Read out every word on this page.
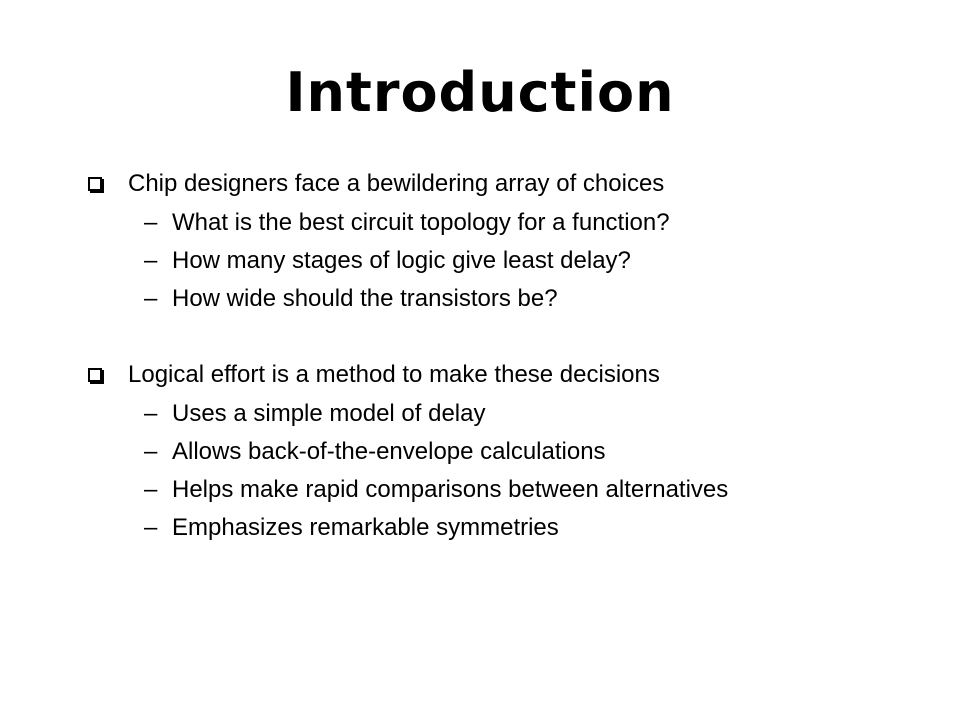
Introduction
Chip designers face a bewildering array of choices
– What is the best circuit topology for a function?
– How many stages of logic give least delay?
– How wide should the transistors be?
Logical effort is a method to make these decisions
– Uses a simple model of delay
– Allows back-of-the-envelope calculations
– Helps make rapid comparisons between alternatives
– Emphasizes remarkable symmetries
